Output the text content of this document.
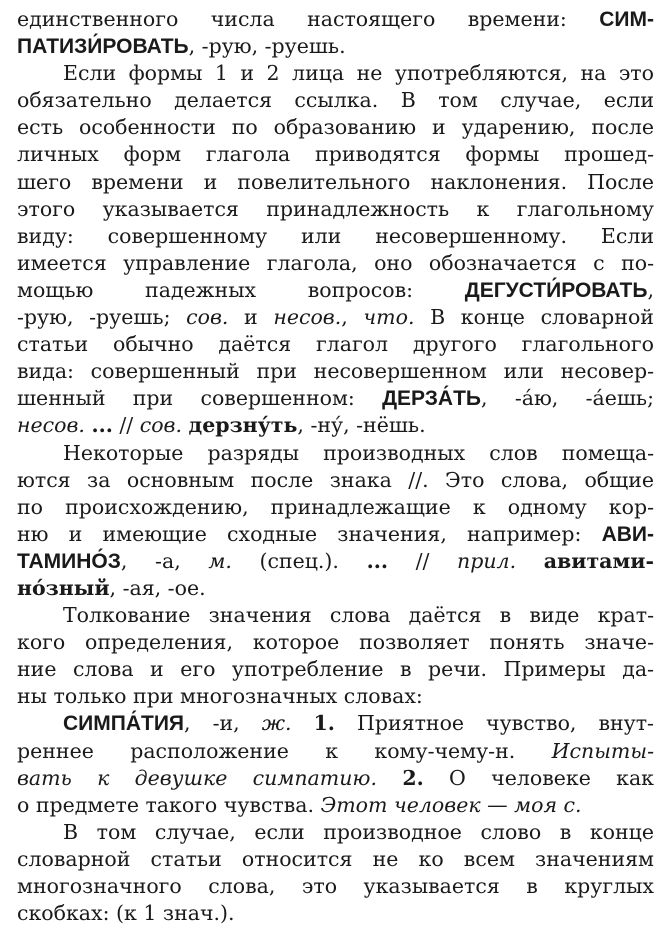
единственного числа настоящего времени: СИМ-
ПАТИЗИ́РОВАТЬ, -рую, -руешь.
Если формы 1 и 2 лица не употребляются, на это
обязательно делается ссылка. В том случае, если
есть особенности по образованию и ударению, после
личных форм глагола приводятся формы прошед-
шего времени и повелительного наклонения. После
этого указывается принадлежность к глагольному
виду: совершенному или несовершенному. Если
имеется управление глагола, оно обозначается с по-
мощью падежных вопросов: ДЕГУСТИ́РОВАТЬ,
-рую, -руешь; сов. и несов., что. В конце словарной
статьи обычно даётся глагол другого глагольного
вида: совершенный при несовершенном или несовер-
шенный при совершенном: ДЕРЗА́ТЬ, -а́ю, -а́ешь;
несов. ... // сов. дерзну́ть, -ну́, -нёшь.
Некоторые разряды производных слов помеща-
ются за основным после знака //. Это слова, общие
по происхождению, принадлежащие к одному кор-
ню и имеющие сходные значения, например: АВИ-
ТАМИНО́З, -а, м. (спец.). ... // прил. авитами-
но́зный, -ая, -ое.
Толкование значения слова даётся в виде крат-
кого определения, которое позволяет понять значе-
ние слова и его употребление в речи. Примеры да-
ны только при многозначных словах:
СИМПА́ТИЯ, -и, ж. 1. Приятное чувство, внут-
реннее расположение к кому-чему-н. Испыты-
вать к девушке симпатию. 2. О человеке как
о предмете такого чувства. Этот человек — моя с.
В том случае, если производное слово в конце
словарной статьи относится не ко всем значениям
многозначного слова, это указывается в круглых
скобках: (к 1 знач.).
